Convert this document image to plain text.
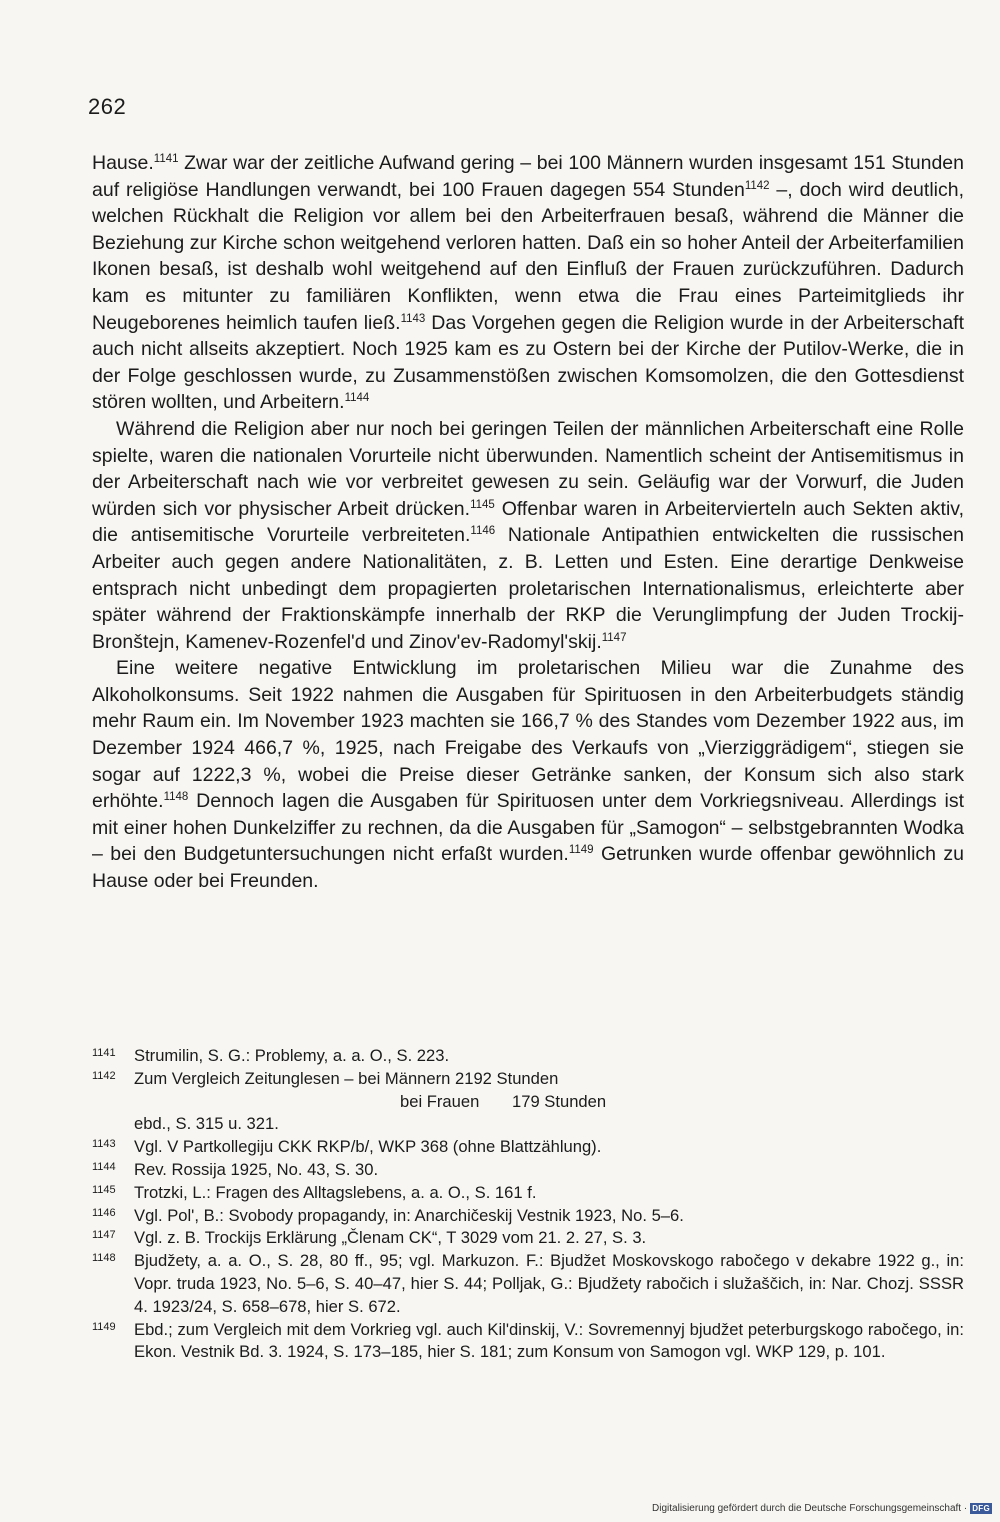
262

Hause.$^{1141}$ Zwar war der zeitliche Aufwand gering – bei 100 Männern wurden insgesamt 151 Stunden auf religiöse Handlungen verwandt, bei 100 Frauen dagegen 554 Stunden$^{1142}$ –, doch wird deutlich, welchen Rückhalt die Religion vor allem bei den Arbeiterfrauen besaß, während die Männer die Beziehung zur Kirche schon weitgehend verloren hatten. Daß ein so hoher Anteil der Arbeiterfamilien Ikonen besaß, ist deshalb wohl weitgehend auf den Einfluß der Frauen zurückzuführen. Dadurch kam es mitunter zu familiären Konflikten, wenn etwa die Frau eines Parteimitglieds ihr Neugeborenes heimlich taufen ließ.$^{1143}$ Das Vorgehen gegen die Religion wurde in der Arbeiterschaft auch nicht allseits akzeptiert. Noch 1925 kam es zu Ostern bei der Kirche der Putilov-Werke, die in der Folge geschlossen wurde, zu Zusammenstößen zwischen Komsomolzen, die den Gottesdienst stören wollten, und Arbeitern.$^{1144}$

Während die Religion aber nur noch bei geringen Teilen der männlichen Arbeiterschaft eine Rolle spielte, waren die nationalen Vorurteile nicht überwunden. Namentlich scheint der Antisemitismus in der Arbeiterschaft nach wie vor verbreitet gewesen zu sein. Geläufig war der Vorwurf, die Juden würden sich vor physischer Arbeit drücken.$^{1145}$ Offenbar waren in Arbeitervierteln auch Sekten aktiv, die antisemitische Vorurteile verbreiteten.$^{1146}$ Nationale Antipathien entwickelten die russischen Arbeiter auch gegen andere Nationalitäten, z. B. Letten und Esten. Eine derartige Denkweise entsprach nicht unbedingt dem propagierten proletarischen Internationalismus, erleichterte aber später während der Fraktionskämpfe innerhalb der RKP die Verunglimpfung der Juden Trockij-Bronštejn, Kamenev-Rozenfel'd und Zinov'ev-Radomyl'skij.$^{1147}$

Eine weitere negative Entwicklung im proletarischen Milieu war die Zunahme des Alkoholkonsums. Seit 1922 nahmen die Ausgaben für Spirituosen in den Arbeiterbudgets ständig mehr Raum ein. Im November 1923 machten sie 166,7 % des Standes vom Dezember 1922 aus, im Dezember 1924 466,7 %, 1925, nach Freigabe des Verkaufs von „Vierziggrädigem“, stiegen sie sogar auf 1222,3 %, wobei die Preise dieser Getränke sanken, der Konsum sich also stark erhöhte.$^{1148}$ Dennoch lagen die Ausgaben für Spirituosen unter dem Vorkriegsniveau. Allerdings ist mit einer hohen Dunkelziffer zu rechnen, da die Ausgaben für „Samogon“ – selbstgebrannten Wodka – bei den Budgetuntersuchungen nicht erfaßt wurden.$^{1149}$ Getrunken wurde offenbar gewöhnlich zu Hause oder bei Freunden.

1141	Strumilin, S. G.: Problemy, a. a. O., S. 223.
1142	Zum Vergleich Zeitunglesen – bei Männern 2192 Stunden
bei Frauen 179 Stunden
ebd., S. 315 u. 321.
1143	Vgl. V Partkollegiju CKK RKP/b/, WKP 368 (ohne Blattzählung).
1144	Rev. Rossija 1925, No. 43, S. 30.
1145	Trotzki, L.: Fragen des Alltagslebens, a. a. O., S. 161 f.
1146	Vgl. Pol', B.: Svobody propagandy, in: Anarchičeskij Vestnik 1923, No. 5–6.
1147	Vgl. z. B. Trockijs Erklärung „Členam CK“, T 3029 vom 21. 2. 27, S. 3.
1148	Bjudžety, a. a. O., S. 28, 80 ff., 95; vgl. Markuzon. F.: Bjudžet Moskovskogo rabočego v dekabre 1922 g., in: Vopr. truda 1923, No. 5–6, S. 40–47, hier S. 44; Polljak, G.: Bjudžety rabočich i služaščich, in: Nar. Chozj. SSSR 4. 1923/24, S. 658–678, hier S. 672.
1149	Ebd.; zum Vergleich mit dem Vorkrieg vgl. auch Kil'dinskij, V.: Sovremennyj bjudžet peterburgskogo rabočego, in: Ekon. Vestnik Bd. 3. 1924, S. 173–185, hier S. 181; zum Konsum von Samogon vgl. WKP 129, p. 101.
Digitalisierung gefördert durch die Deutsche Forschungsgemeinschaft · DFG
